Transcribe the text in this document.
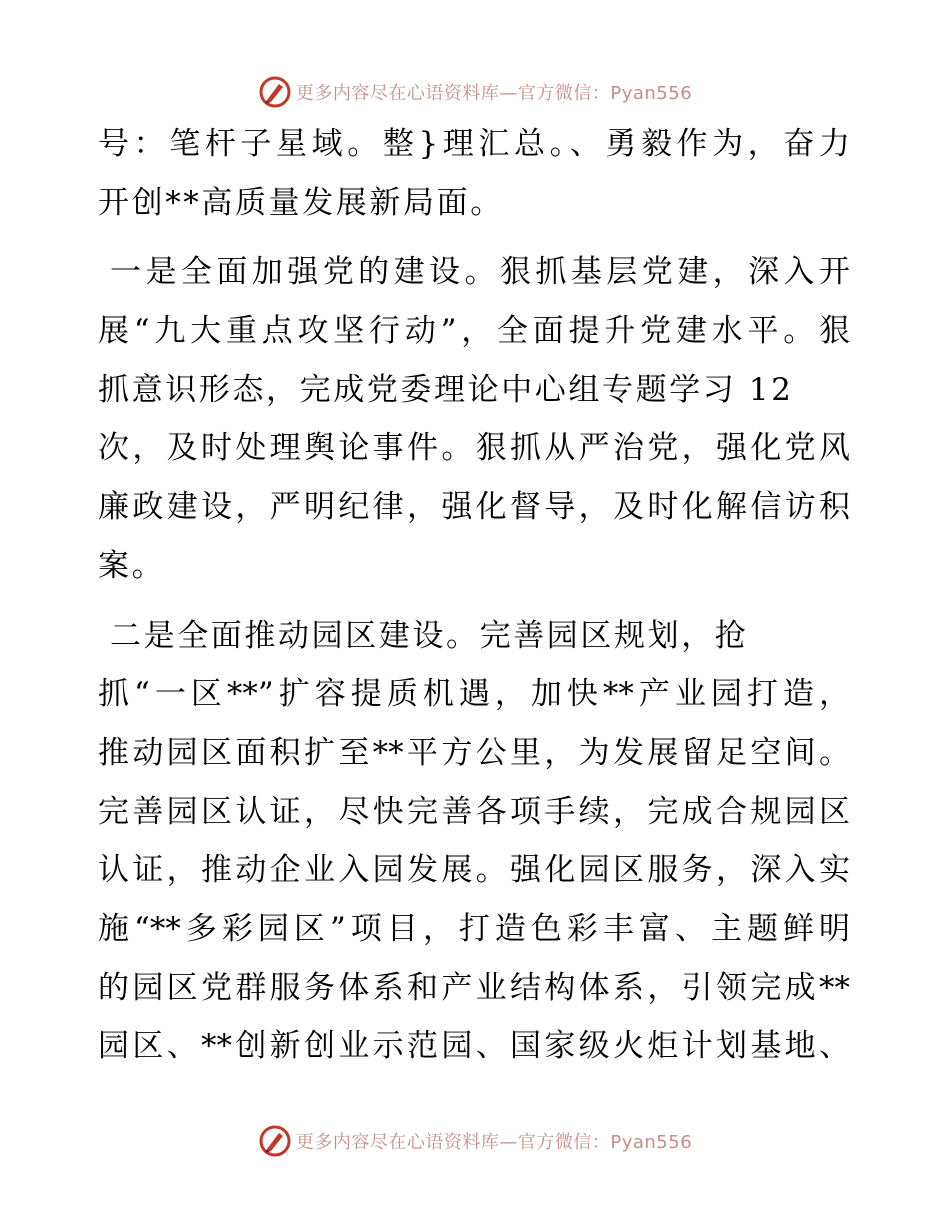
更多内容尽在心语资料库—官方微信：Pyan556
号：笔杆子星域。整}理汇总。、勇毅作为，奋力
开创**高质量发展新局面。
一是全面加强党的建设。狠抓基层党建，深入开
展“九大重点攻坚行动”，全面提升党建水平。狠
抓意识形态，完成党委理论中心组专题学习 12
次，及时处理舆论事件。狠抓从严治党，强化党风
廉政建设，严明纪律，强化督导，及时化解信访积
案。
二是全面推动园区建设。完善园区规划，抢
抓“一区**”扩容提质机遇，加快**产业园打造，
推动园区面积扩至**平方公里，为发展留足空间。
完善园区认证，尽快完善各项手续，完成合规园区
认证，推动企业入园发展。强化园区服务，深入实
施“**多彩园区”项目，打造色彩丰富、主题鲜明
的园区党群服务体系和产业结构体系，引领完成**
园区、**创新创业示范园、国家级火炬计划基地、
更多内容尽在心语资料库—官方微信：Pyan556
